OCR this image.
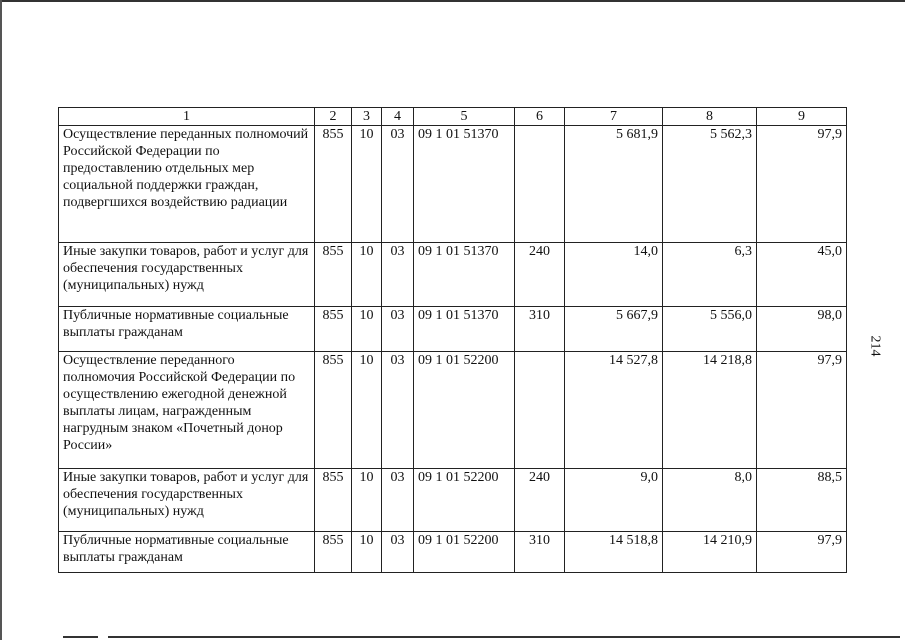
214
1	2	3	4	5	6	7	8	9
Осуществление переданных полномочий Российской Федерации по предоставлению отдельных мер социальной поддержки граждан, подвергшихся воздействию радиации	855	10	03	09 1 01 51370		5 681,9	5 562,3	97,9
Иные закупки товаров, работ и услуг для обеспечения государственных (муниципальных) нужд	855	10	03	09 1 01 51370	240	14,0	6,3	45,0
Публичные нормативные социальные выплаты гражданам	855	10	03	09 1 01 51370	310	5 667,9	5 556,0	98,0
Осуществление переданного полномочия Российской Федерации по осуществлению ежегодной денежной выплаты лицам, награжденным нагрудным знаком «Почетный донор России»	855	10	03	09 1 01 52200		14 527,8	14 218,8	97,9
Иные закупки товаров, работ и услуг для обеспечения государственных (муниципальных) нужд	855	10	03	09 1 01 52200	240	9,0	8,0	88,5
Публичные нормативные социальные выплаты гражданам	855	10	03	09 1 01 52200	310	14 518,8	14 210,9	97,9
